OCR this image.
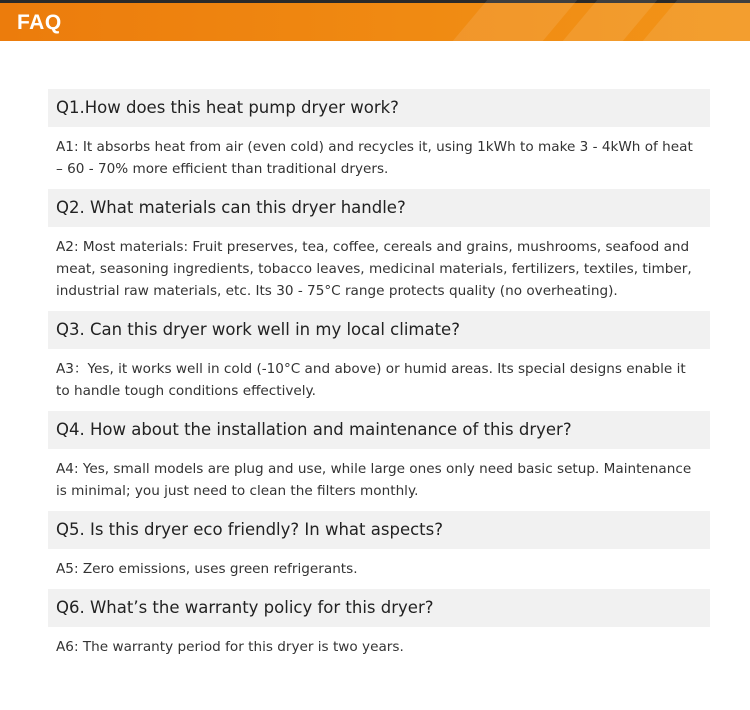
FAQ
Q1.How does this heat pump dryer work?
A1: It absorbs heat from air (even cold) and recycles it, using 1kWh to make 3 - 4kWh of heat – 60 - 70% more efficient than traditional dryers.
Q2. What materials can this dryer handle?
A2: Most materials: Fruit preserves, tea, coffee, cereals and grains, mushrooms, seafood and meat, seasoning ingredients, tobacco leaves, medicinal materials, fertilizers, textiles, timber, industrial raw materials, etc. Its 30 - 75°C range protects quality (no overheating).
Q3. Can this dryer work well in my local climate?
A3：Yes, it works well in cold (-10°C and above) or humid areas. Its special designs enable it to handle tough conditions effectively.
Q4. How about the installation and maintenance of this dryer?
A4: Yes, small models are plug and use, while large ones only need basic setup. Maintenance is minimal; you just need to clean the filters monthly.
Q5. Is this dryer eco friendly? In what aspects?
A5: Zero emissions, uses green refrigerants.
Q6. What’s the warranty policy for this dryer?
A6: The warranty period for this dryer is two years.
